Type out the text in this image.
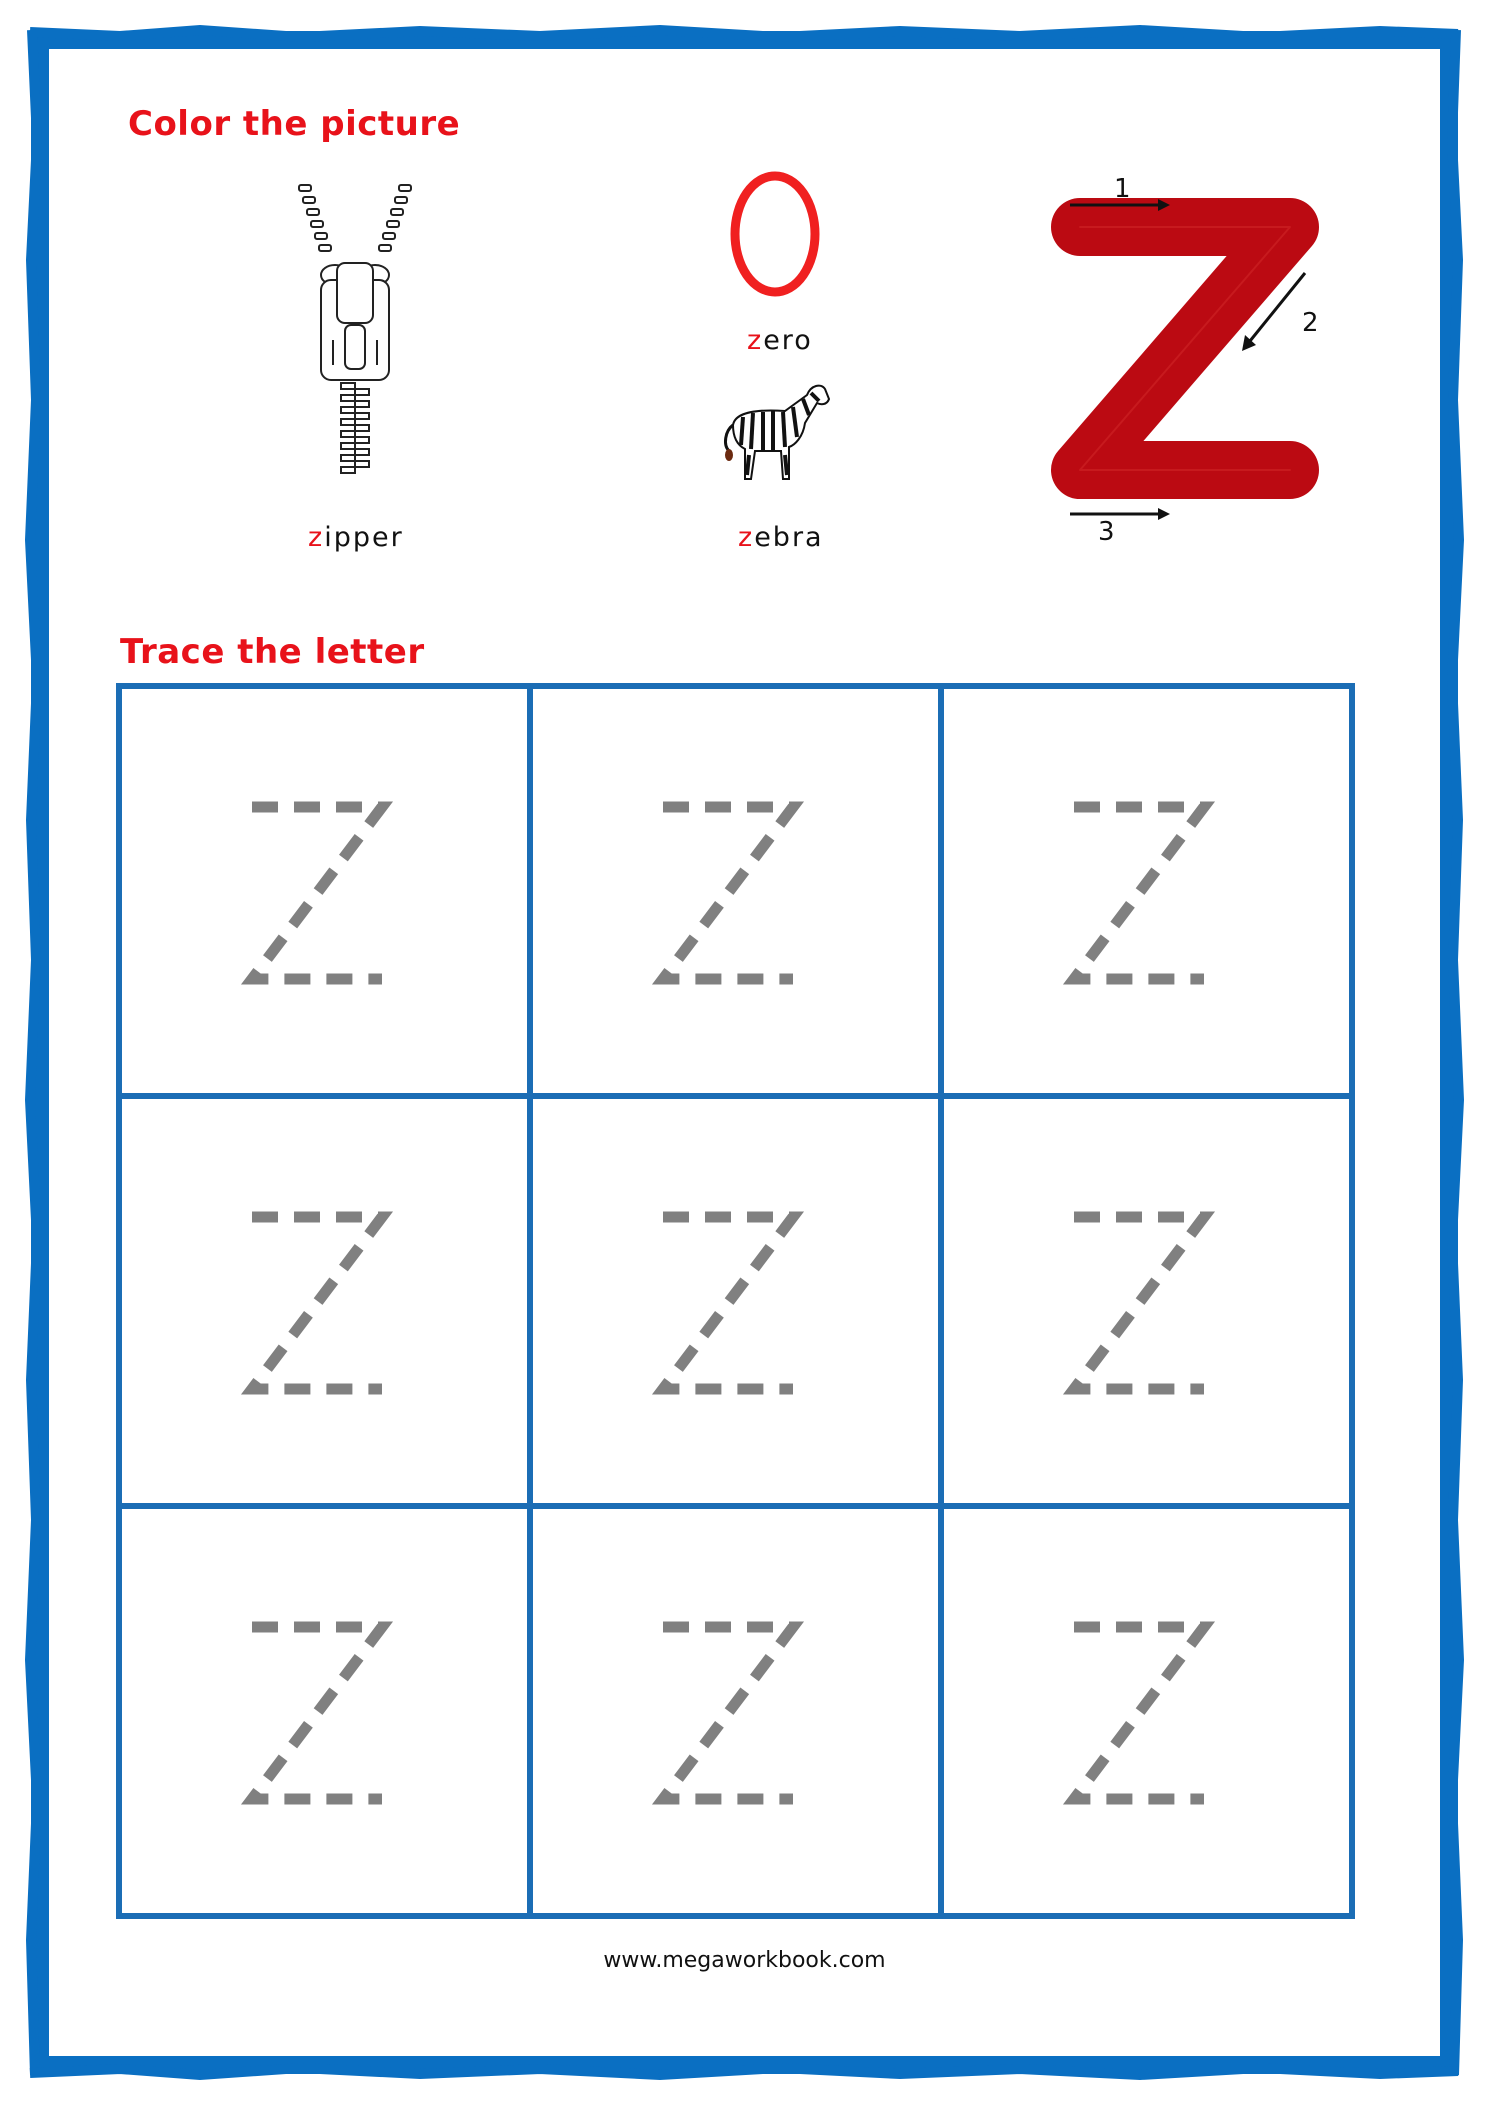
Color the picture
zipper
zero
zebra
1
2
3
Trace the letter
www.megaworkbook.com
